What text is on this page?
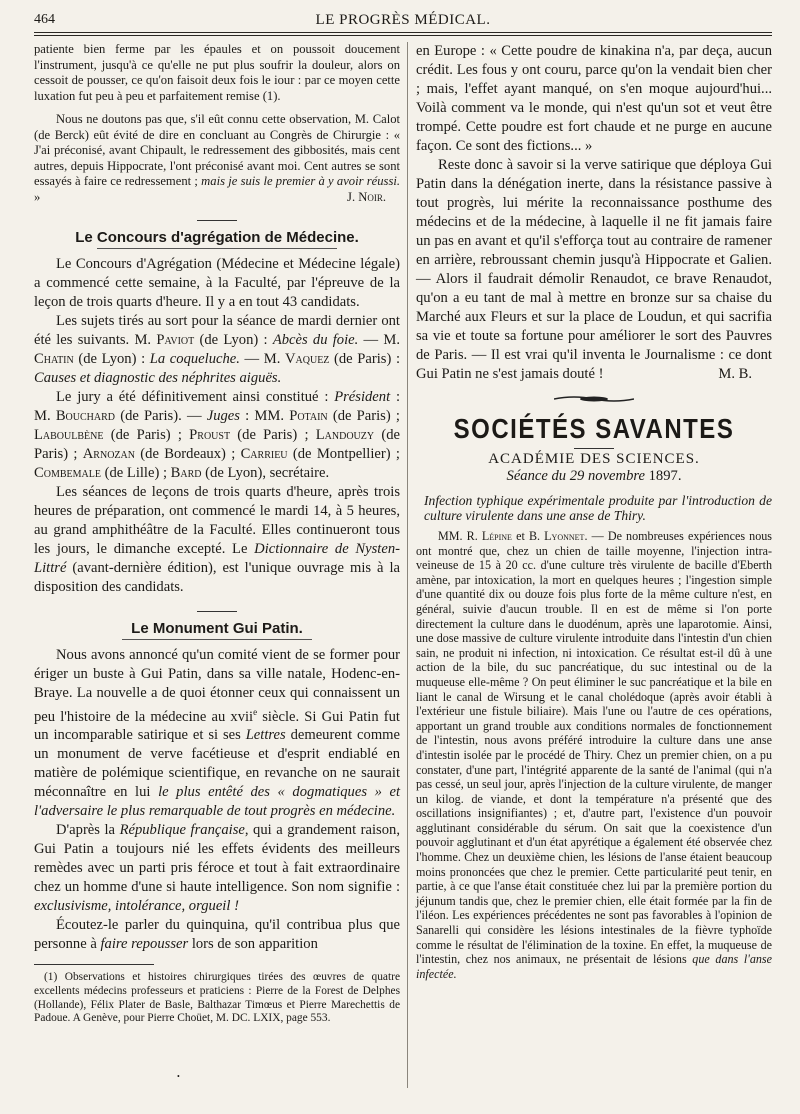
464	LE PROGRÈS MÉDICAL.

patiente bien ferme par les épaules et on poussoit doucement l'instrument, jusqu'à ce qu'elle ne put plus soufrir la douleur, alors on cessoit de pousser, ce qu'on faisoit deux fois le iour : par ce moyen cette luxation fut peu à peu et parfaitement remise (1).

Nous ne doutons pas que, s'il eût connu cette observation, M. Calot (de Berck) eût évité de dire en concluant au Congrès de Chirurgie : « J'ai préconisé, avant Chipault, le redressement des gibbosités, mais cent autres, depuis Hippocrate, l'ont préconisé avant moi. Cent autres se sont essayés à faire ce redressement ; mais je suis le premier à y avoir réussi. »	J. Noir.

Le Concours d'agrégation de Médecine.

Le Concours d'Agrégation (Médecine et Médecine légale) a commencé cette semaine, à la Faculté, par l'épreuve de la leçon de trois quarts d'heure. Il y a en tout 43 candidats.

Les sujets tirés au sort pour la séance de mardi dernier ont été les suivants. M. Paviot (de Lyon) : Abcès du foie. — M. Chatin (de Lyon) : La coqueluche. — M. Vaquez (de Paris) : Causes et diagnostic des néphrites aiguës.

Le jury a été définitivement ainsi constitué : Président : M. Bouchard (de Paris). — Juges : MM. Potain (de Paris) ; Laboulbène (de Paris) ; Proust (de Paris) ; Landouzy (de Paris) ; Arnozan (de Bordeaux) ; Carrieu (de Montpellier) ; Combemale (de Lille) ; Bard (de Lyon), secrétaire.

Les séances de leçons de trois quarts d'heure, après trois heures de préparation, ont commencé le mardi 14, à 5 heures, au grand amphithéâtre de la Faculté. Elles continueront tous les jours, le dimanche excepté. Le Dictionnaire de Nysten-Littré (avant-dernière édition), est l'unique ouvrage mis à la disposition des candidats.

Le Monument Gui Patin.

Nous avons annoncé qu'un comité vient de se former pour ériger un buste à Gui Patin, dans sa ville natale, Hodenc-en-Braye. La nouvelle a de quoi étonner ceux qui connaissent un peu l'histoire de la médecine au xvii$^e$ siècle. Si Gui Patin fut un incomparable satirique et si ses Lettres demeurent comme un monument de verve facétieuse et d'esprit endiablé en matière de polémique scientifique, en revanche on ne saurait méconnaître en lui le plus entêté des « dogmatiques » et l'adversaire le plus remarquable de tout progrès en médecine.

D'après la République française, qui a grandement raison, Gui Patin a toujours nié les effets évidents des meilleurs remèdes avec un parti pris féroce et tout à fait extraordinaire chez un homme d'une si haute intelligence. Son nom signifie : exclusivisme, intolérance, orgueil !

Écoutez-le parler du quinquina, qu'il contribua plus que personne à faire repousser lors de son apparition

(1) Observations et histoires chirurgiques tirées des œuvres de quatre excellents médecins professeurs et praticiens : Pierre de la Forest de Delphes (Hollande), Félix Plater de Basle, Balthazar Timœus et Pierre Marechettis de Padoue. A Genève, pour Pierre Choüet, M. DC. LXIX, page 553.

en Europe : « Cette poudre de kinakina n'a, par deça, aucun crédit. Les fous y ont couru, parce qu'on la vendait bien cher ; mais, l'effet ayant manqué, on s'en moque aujourd'hui... Voilà comment va le monde, qui n'est qu'un sot et veut être trompé. Cette poudre est fort chaude et ne purge en aucune façon. Ce sont des fictions... »

Reste donc à savoir si la verve satirique que déploya Gui Patin dans la dénégation inerte, dans la résistance passive à tout progrès, lui mérite la reconnaissance posthume des médecins et de la médecine, à laquelle il ne fit jamais faire un pas en avant et qu'il s'efforça tout au contraire de ramener en arrière, rebroussant chemin jusqu'à Hippocrate et Galien. — Alors il faudrait démolir Renaudot, ce brave Renaudot, qu'on a eu tant de mal à mettre en bronze sur sa chaise du Marché aux Fleurs et sur la place de Loudun, et qui sacrifia sa vie et toute sa fortune pour améliorer le sort des Pauvres de Paris. — Il est vrai qu'il inventa le Journalisme : ce dont Gui Patin ne s'est jamais douté !	M. B.

SOCIÉTÉS SAVANTES
ACADÉMIE DES SCIENCES.
Séance du 29 novembre 1897.

Infection typhique expérimentale produite par l'introduction de culture virulente dans une anse de Thiry.

MM. R. Lépine et B. Lyonnet. — De nombreuses expériences nous ont montré que, chez un chien de taille moyenne, l'injection intra-veineuse de 15 à 20 cc. d'une culture très virulente de bacille d'Eberth amène, par intoxication, la mort en quelques heures ; l'ingestion simple d'une quantité dix ou douze fois plus forte de la même culture n'est, en général, suivie d'aucun trouble. Il en est de même si l'on porte directement la culture dans le duodénum, après une laparotomie. Ainsi, une dose massive de culture virulente introduite dans l'intestin d'un chien sain, ne produit ni infection, ni intoxication. Ce résultat est-il dû à une action de la bile, du suc pancréatique, du suc intestinal ou de la muqueuse elle-même ? On peut éliminer le suc pancréatique et la bile en liant le canal de Wirsung et le canal cholédoque (après avoir établi à l'extérieur une fistule biliaire). Mais l'une ou l'autre de ces opérations, apportant un grand trouble aux conditions normales de fonctionnement de l'intestin, nous avons préféré introduire la culture dans une anse d'intestin isolée par le procédé de Thiry. Chez un premier chien, on a pu constater, d'une part, l'intégrité apparente de la santé de l'animal (qui n'a pas cessé, un seul jour, après l'injection de la culture virulente, de manger un kilog. de viande, et dont la température n'a présenté que des oscillations insignifiantes) ; et, d'autre part, l'existence d'un pouvoir agglutinant considérable du sérum. On sait que la coexistence d'un pouvoir agglutinant et d'un état apyrétique a également été observée chez l'homme. Chez un deuxième chien, les lésions de l'anse étaient beaucoup moins prononcées que chez le premier. Cette particularité peut tenir, en partie, à ce que l'anse était constituée chez lui par la première portion du jéjunum tandis que, chez le premier chien, elle était formée par la fin de l'iléon. Les expériences précédentes ne sont pas favorables à l'opinion de Sanarelli qui considère les lésions intestinales de la fièvre typhoïde comme le résultat de l'élimination de la toxine. En effet, la muqueuse de l'intestin, chez nos animaux, ne présentait de lésions que dans l'anse infectée.

•
